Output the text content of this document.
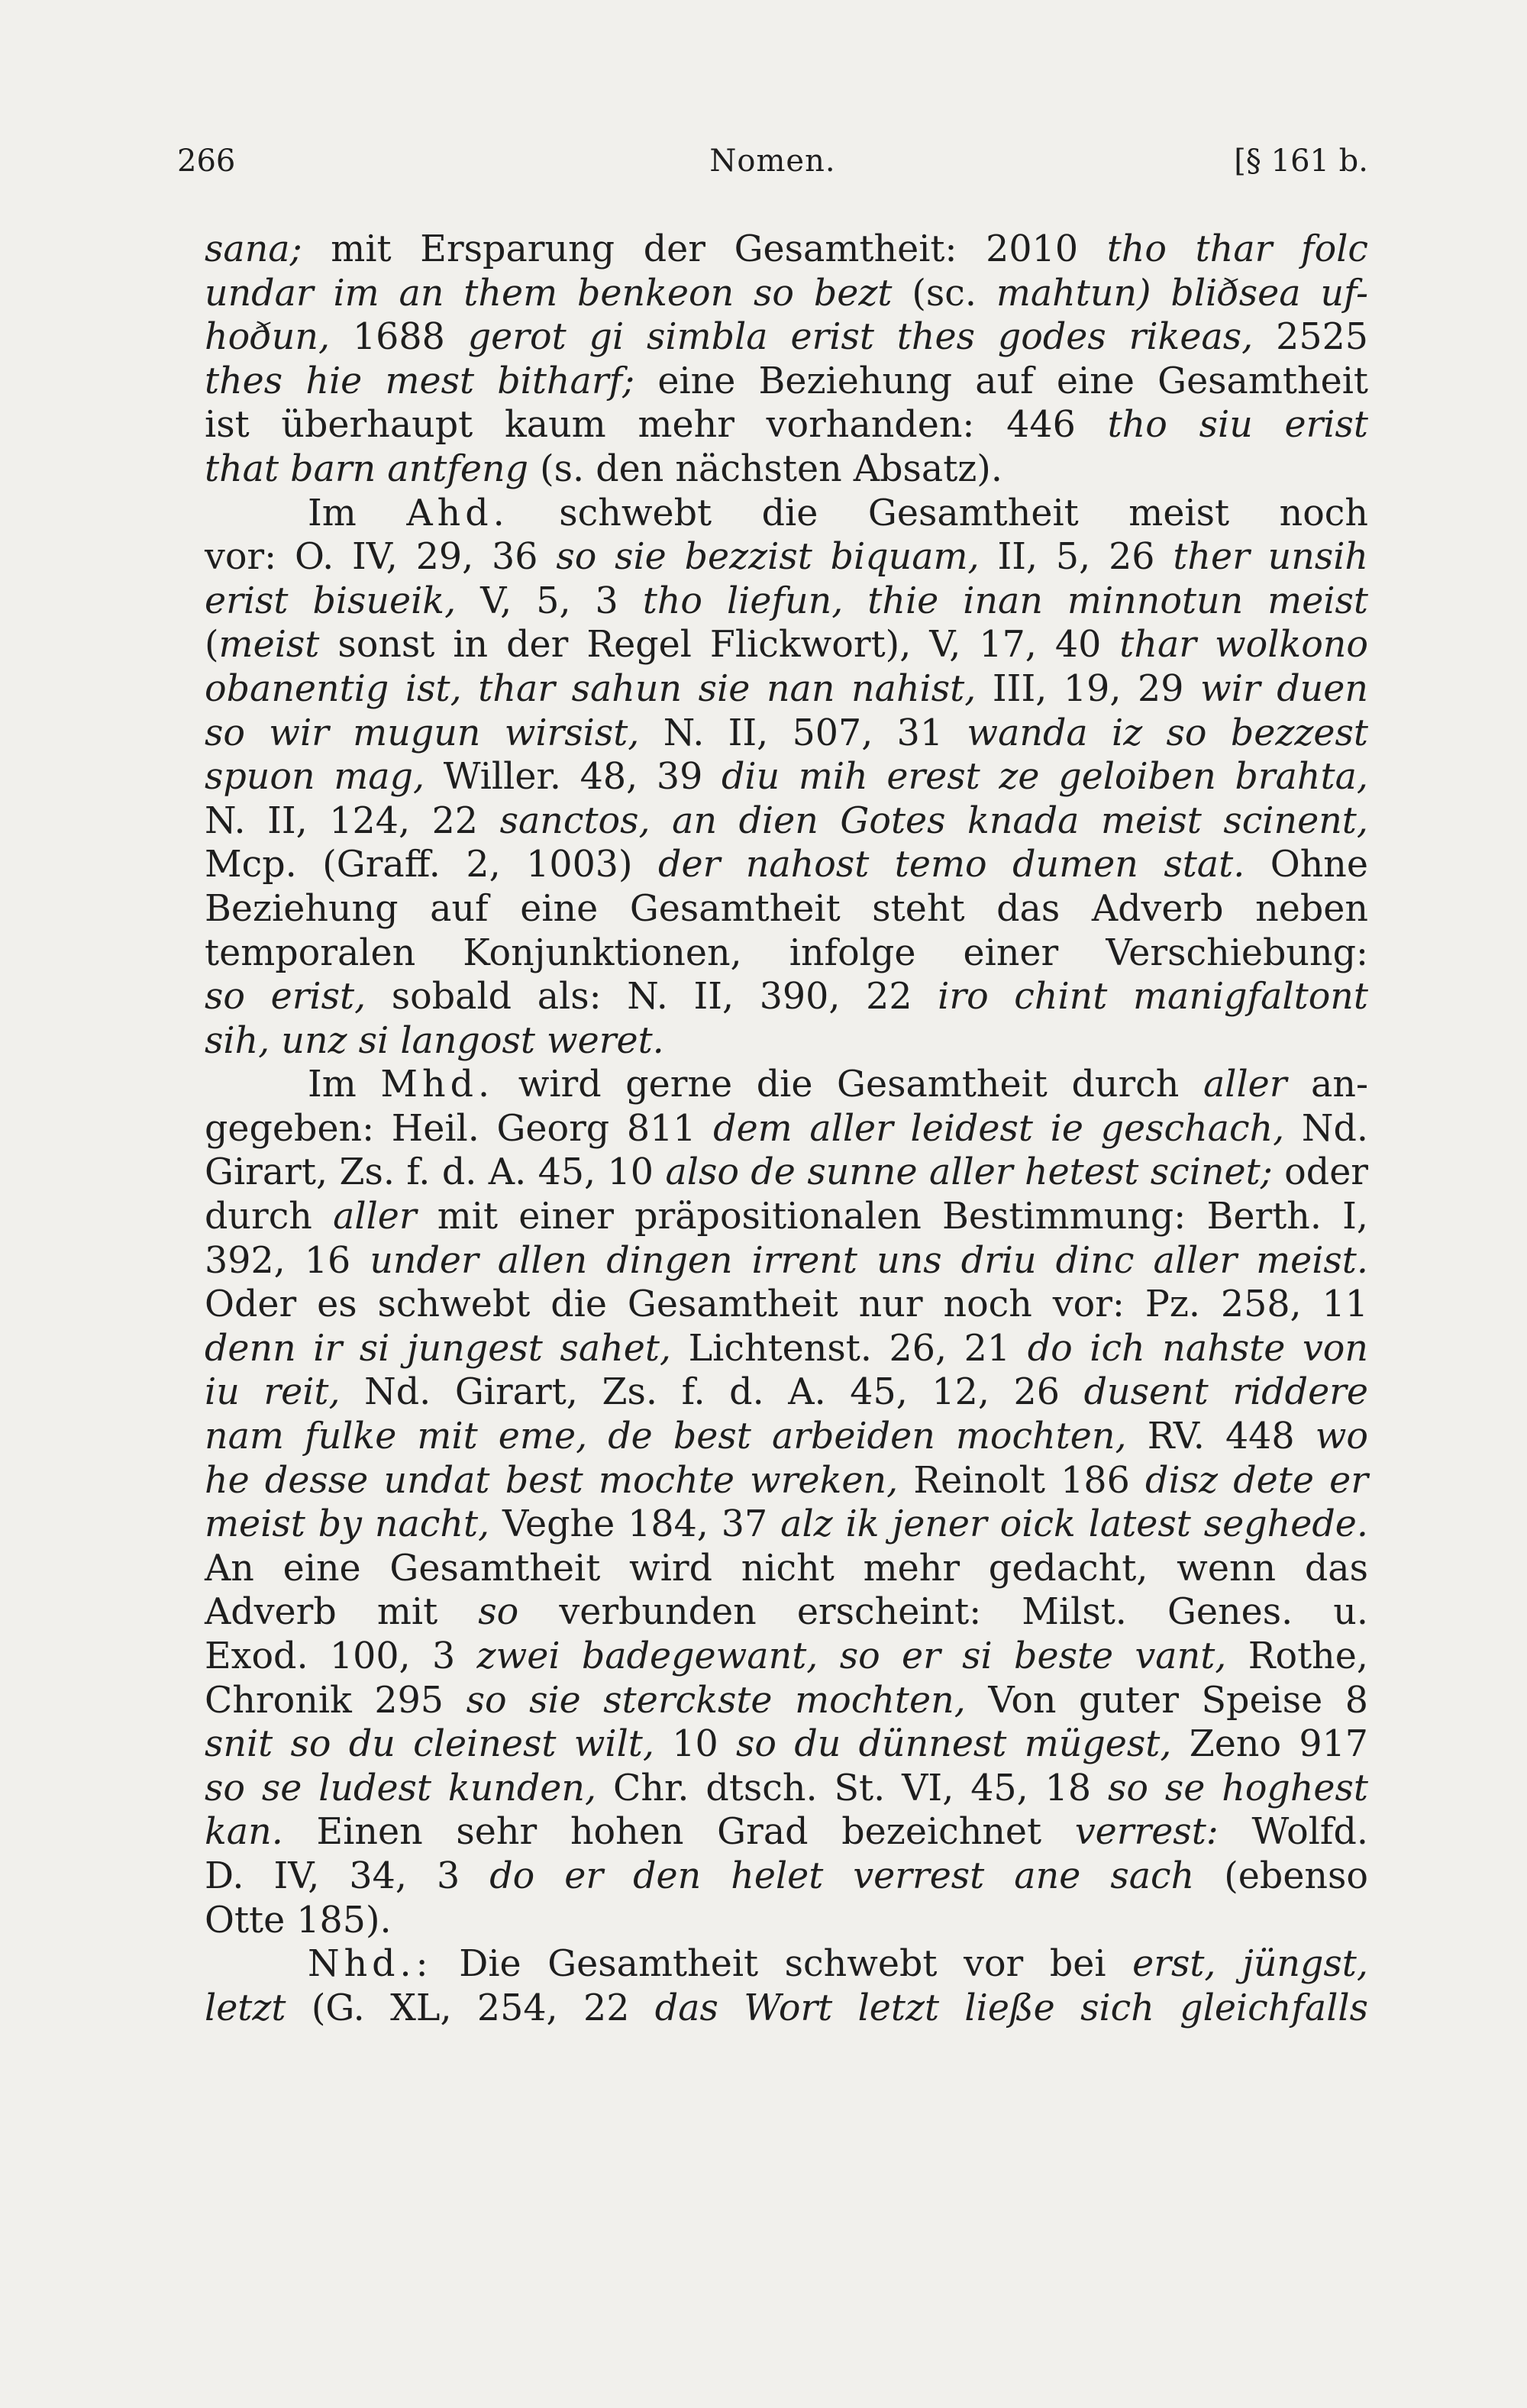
266	Nomen.	[§ 161 b.
sana; mit Ersparung der Gesamtheit: 2010 tho thar folc
undar im an them benkeon so bezt (sc. mahtun) bliðsea uf-
hoðun, 1688 gerot gi simbla erist thes godes rikeas, 2525
thes hie mest bitharf; eine Beziehung auf eine Gesamtheit
ist überhaupt kaum mehr vorhanden: 446 tho siu erist
that barn antfeng (s. den nächsten Absatz).
Im Ahd. schwebt die Gesamtheit meist noch
vor: O. IV, 29, 36 so sie bezzist biquam, II, 5, 26 ther unsih
erist bisueik, V, 5, 3 tho liefun, thie inan minnotun meist
(meist sonst in der Regel Flickwort), V, 17, 40 thar wolkono
obanentig ist, thar sahun sie nan nahist, III, 19, 29 wir duen
so wir mugun wirsist, N. II, 507, 31 wanda iz so bezzest
spuon mag, Willer. 48, 39 diu mih erest ze geloiben brahta,
N. II, 124, 22 sanctos, an dien Gotes knada meist scinent,
Mcp. (Graff. 2, 1003) der nahost temo dumen stat. Ohne
Beziehung auf eine Gesamtheit steht das Adverb neben
temporalen Konjunktionen, infolge einer Verschiebung:
so erist, sobald als: N. II, 390, 22 iro chint manigfaltont
sih, unz si langost weret.
Im Mhd. wird gerne die Gesamtheit durch aller an-
gegeben: Heil. Georg 811 dem aller leidest ie geschach, Nd.
Girart, Zs. f. d. A. 45, 10 also de sunne aller hetest scinet; oder
durch aller mit einer präpositionalen Bestimmung: Berth. I,
392, 16 under allen dingen irrent uns driu dinc aller meist.
Oder es schwebt die Gesamtheit nur noch vor: Pz. 258, 11
denn ir si jungest sahet, Lichtenst. 26, 21 do ich nahste von
iu reit, Nd. Girart, Zs. f. d. A. 45, 12, 26 dusent riddere
nam fulke mit eme, de best arbeiden mochten, RV. 448 wo
he desse undat best mochte wreken, Reinolt 186 disz dete er
meist by nacht, Veghe 184, 37 alz ik jener oick latest seghede.
An eine Gesamtheit wird nicht mehr gedacht, wenn das
Adverb mit so verbunden erscheint: Milst. Genes. u.
Exod. 100, 3 zwei badegewant, so er si beste vant, Rothe,
Chronik 295 so sie sterckste mochten, Von guter Speise 8
snit so du cleinest wilt, 10 so du dünnest mügest, Zeno 917
so se ludest kunden, Chr. dtsch. St. VI, 45, 18 so se hoghest
kan. Einen sehr hohen Grad bezeichnet verrest: Wolfd.
D. IV, 34, 3 do er den helet verrest ane sach (ebenso
Otte 185).
Nhd.: Die Gesamtheit schwebt vor bei erst, jüngst,
letzt (G. XL, 254, 22 das Wort letzt ließe sich gleichfalls
